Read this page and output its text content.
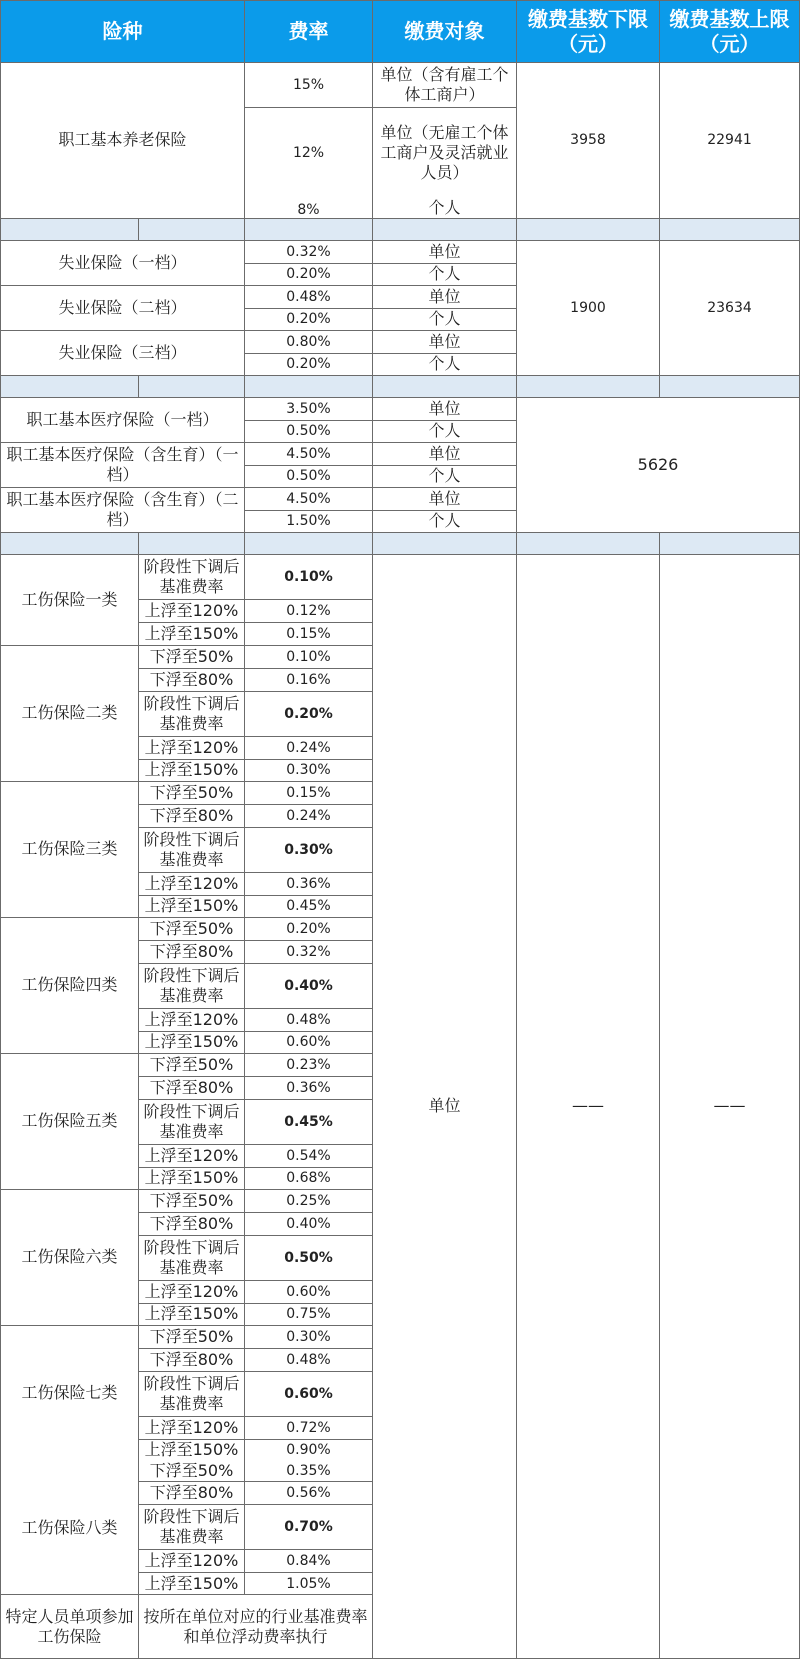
险种		费率	缴费对象	缴费基数下限（元）	缴费基数上限（元）	
职工基本养老保险		15%	单位（含有雇工个体工商户）	3958	22941	
		12%	单位（无雇工个体工商户及灵活就业人员）			
		8%	个人			

失业保险（一档）		0.32%	单位	1900	23634	
		0.20%	个人			
失业保险（二档）		0.48%	单位			
		0.20%	个人			
失业保险（三档）		0.80%	单位			
		0.20%	个人			

职工基本医疗保险（一档）		3.50%	单位	5626		
		0.50%	个人			
职工基本医疗保险（含生育）（一档）		4.50%	单位			
		0.50%	个人			
职工基本医疗保险（含生育）（二档）		4.50%	单位			
		1.50%	个人			

工伤保险一类	阶段性下调后基准费率	0.10%	单位	——	——	
	上浮至120%	0.12%				
	上浮至150%	0.15%				
工伤保险二类	下浮至50%	0.10%				
	下浮至80%	0.16%				
	阶段性下调后基准费率	0.20%				
	上浮至120%	0.24%				
	上浮至150%	0.30%				
工伤保险三类	下浮至50%	0.15%				
	下浮至80%	0.24%				
	阶段性下调后基准费率	0.30%				
	上浮至120%	0.36%				
	上浮至150%	0.45%				
工伤保险四类	下浮至50%	0.20%				
	下浮至80%	0.32%				
	阶段性下调后基准费率	0.40%				
	上浮至120%	0.48%				
	上浮至150%	0.60%				
工伤保险五类	下浮至50%	0.23%				
	下浮至80%	0.36%				
	阶段性下调后基准费率	0.45%				
	上浮至120%	0.54%				
	上浮至150%	0.68%				
工伤保险六类	下浮至50%	0.25%				
	下浮至80%	0.40%				
	阶段性下调后基准费率	0.50%				
	上浮至120%	0.60%				
	上浮至150%	0.75%				
工伤保险七类	下浮至50%	0.30%				
	下浮至80%	0.48%				
	阶段性下调后基准费率	0.60%				
	上浮至120%	0.72%				
	上浮至150%	0.90%				
工伤保险八类	下浮至50%	0.35%				
	下浮至80%	0.56%				
	阶段性下调后基准费率	0.70%				
	上浮至120%	0.84%				
	上浮至150%	1.05%				
特定人员单项参加工伤保险	按所在单位对应的行业基准费率和单位浮动费率执行			
